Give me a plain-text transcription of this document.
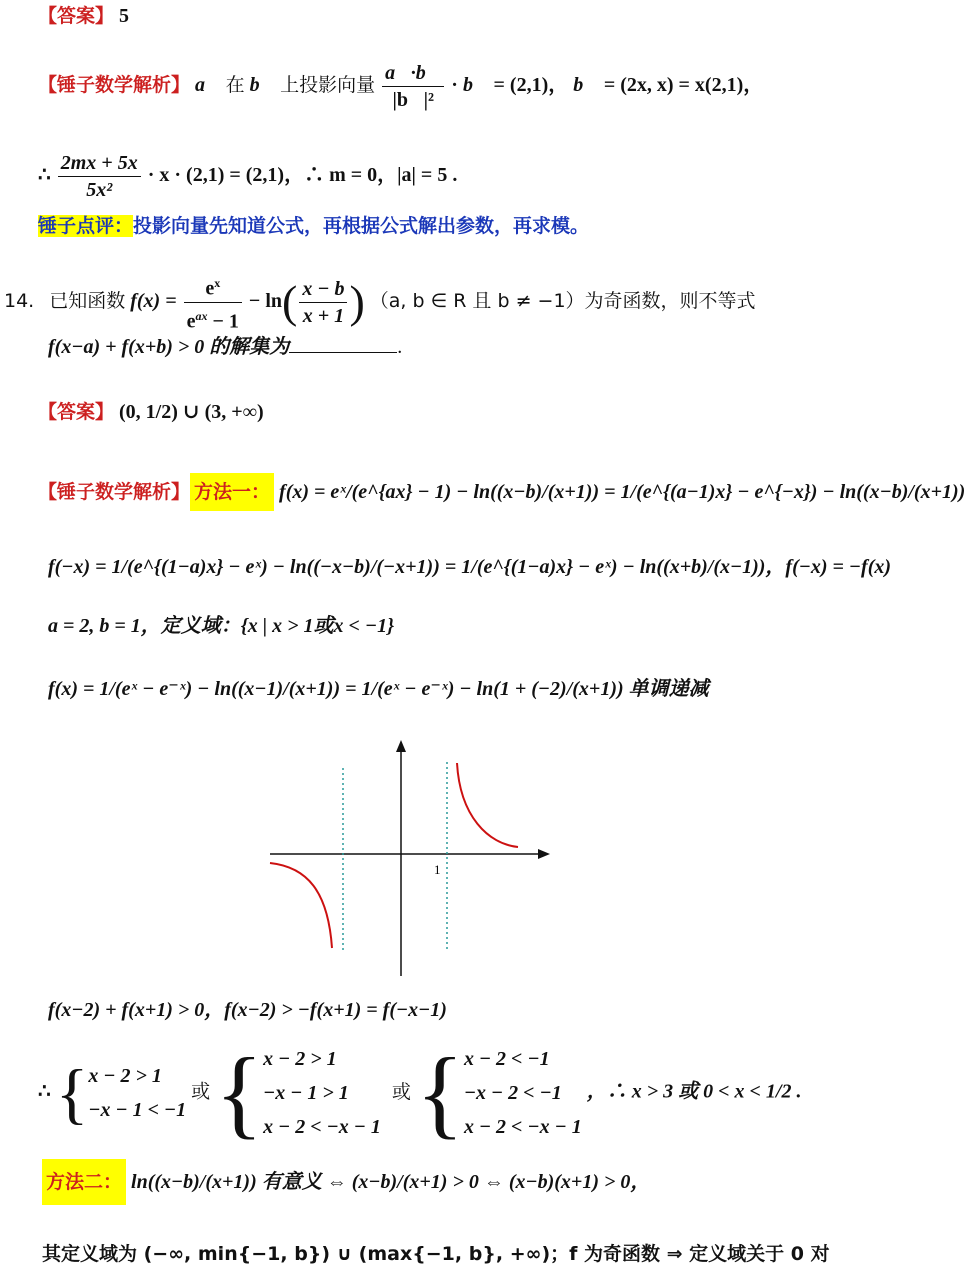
【答案】 5
【锤子数学解析】 a⃗ 在 b⃗ 上投影向量 $\frac{a⃗\cdot b⃗}{\text{|b⃗|²}}$ · b⃗ = (2,1)， b⃗ = (2x, x) = x(2,1)，
∴ $\frac{2mx + 5x}{\text{5x²}} \cdot x \cdot (2,1) = (2,1)$，∴ m = 0，|a| = 5 .
锤子点评：投影向量先知道公式，再根据公式解出参数，再求模。
14. 已知函数 $f(x) = \frac{e^x}{e^{ax} - 1} - \ln( \frac{x - b}{x + 1}$ ) （a, b ∈ R 且 b ≠ −1）为奇函数，则不等式
f(x−a) + f(x+b) > 0 的解集为	.
【答案】 (0, 1/2) ∪ (3, +∞)
【锤子数学解析】 方法一： f(x) = eˣ/(e^{ax} − 1) − ln((x−b)/(x+1)) = 1/(e^{(a−1)x} − e^{−x}) − ln((x−b)/(x+1))
f(−x) = 1/(e^{(1−a)x} − eˣ) − ln((−x−b)/(−x+1)) = 1/(e^{(1−a)x} − eˣ) − ln((x+b)/(x−1))，f(−x) = −f(x)
a = 2, b = 1，定义域：{x | x > 1或x < −1}
f(x) = 1/(eˣ − e⁻ˣ) − ln((x−1)/(x+1)) = 1/(eˣ − e⁻ˣ) − ln(1 + (−2)/(x+1)) 单调递减
1
f(x−2) + f(x+1) > 0，f(x−2) > −f(x+1) = f(−x−1)
∴ { x − 2 > 1
−x − 1 < −1
或 { x − 2 > 1
−x − 1 > 1
x − 2 < −x − 1
或 { x − 2 < −1
−x − 2 < −1
x − 2 < −x − 1
，∴ x > 3 或 0 < x < 1/2 .
方法二： ln((x−b)/(x+1)) 有意义 ⇔ (x−b)/(x+1) > 0 ⇔ (x−b)(x+1) > 0，
其定义域为 (−∞, min{−1, b}) ∪ (max{−1, b}, +∞)；f 为奇函数 ⇒ 定义域关于 0 对
